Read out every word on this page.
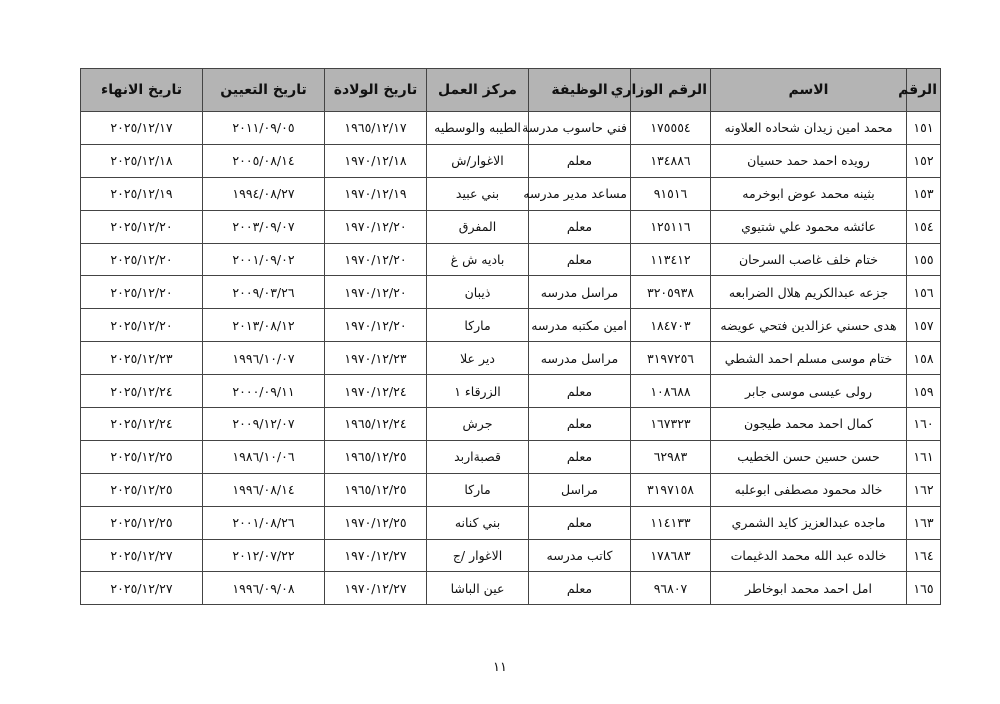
الرقم	الاسم	الرقم الوزاري	الوظيفة	مركز العمل	تاريخ الولادة	تاريخ التعيين	تاريخ الانهاء
١٥١	محمد امين زيدان شحاده العلاونه	١٧٥٥٥٤	فني حاسوب مدرسة	الطيبه والوسطيه	١٩٦٥/١٢/١٧	٢٠١١/٠٩/٠٥	٢٠٢٥/١٢/١٧
١٥٢	رويده احمد حمد حسيان	١٣٤٨٨٦	معلم	الاغوار/ش	١٩٧٠/١٢/١٨	٢٠٠٥/٠٨/١٤	٢٠٢٥/١٢/١٨
١٥٣	بثينه محمد عوض ابوخرمه	٩١٥١٦	مساعد مدير مدرسه	بني عبيد	١٩٧٠/١٢/١٩	١٩٩٤/٠٨/٢٧	٢٠٢٥/١٢/١٩
١٥٤	عائشه محمود علي شتيوي	١٢٥١١٦	معلم	المفرق	١٩٧٠/١٢/٢٠	٢٠٠٣/٠٩/٠٧	٢٠٢٥/١٢/٢٠
١٥٥	ختام خلف غاصب السرحان	١١٣٤١٢	معلم	باديه ش غ	١٩٧٠/١٢/٢٠	٢٠٠١/٠٩/٠٢	٢٠٢٥/١٢/٢٠
١٥٦	جزعه عبدالكريم هلال الضرابعه	٣٢٠٥٩٣٨	مراسل مدرسه	ذيبان	١٩٧٠/١٢/٢٠	٢٠٠٩/٠٣/٢٦	٢٠٢٥/١٢/٢٠
١٥٧	هدى حسني عزالدين فتحي عويضه	١٨٤٧٠٣	امين مكتبه مدرسه	ماركا	١٩٧٠/١٢/٢٠	٢٠١٣/٠٨/١٢	٢٠٢٥/١٢/٢٠
١٥٨	ختام موسى مسلم احمد الشطي	٣١٩٧٢٥٦	مراسل مدرسه	دير علا	١٩٧٠/١٢/٢٣	١٩٩٦/١٠/٠٧	٢٠٢٥/١٢/٢٣
١٥٩	رولى عيسى موسى جابر	١٠٨٦٨٨	معلم	الزرقاء ١	١٩٧٠/١٢/٢٤	٢٠٠٠/٠٩/١١	٢٠٢٥/١٢/٢٤
١٦٠	كمال احمد محمد طيجون	١٦٧٣٢٣	معلم	جرش	١٩٦٥/١٢/٢٤	٢٠٠٩/١٢/٠٧	٢٠٢٥/١٢/٢٤
١٦١	حسن حسين حسن الخطيب	٦٢٩٨٣	معلم	قصبةاربد	١٩٦٥/١٢/٢٥	١٩٨٦/١٠/٠٦	٢٠٢٥/١٢/٢٥
١٦٢	خالد محمود مصطفى ابوعلبه	٣١٩٧١٥٨	مراسل	ماركا	١٩٦٥/١٢/٢٥	١٩٩٦/٠٨/١٤	٢٠٢٥/١٢/٢٥
١٦٣	ماجده عبدالعزيز كايد الشمري	١١٤١٣٣	معلم	بني كنانه	١٩٧٠/١٢/٢٥	٢٠٠١/٠٨/٢٦	٢٠٢٥/١٢/٢٥
١٦٤	خالده عبد الله محمد الدغيمات	١٧٨٦٨٣	كاتب مدرسه	الاغوار /ج	١٩٧٠/١٢/٢٧	٢٠١٢/٠٧/٢٢	٢٠٢٥/١٢/٢٧
١٦٥	امل احمد محمد ابوخاطر	٩٦٨٠٧	معلم	عين الباشا	١٩٧٠/١٢/٢٧	١٩٩٦/٠٩/٠٨	٢٠٢٥/١٢/٢٧
١١
